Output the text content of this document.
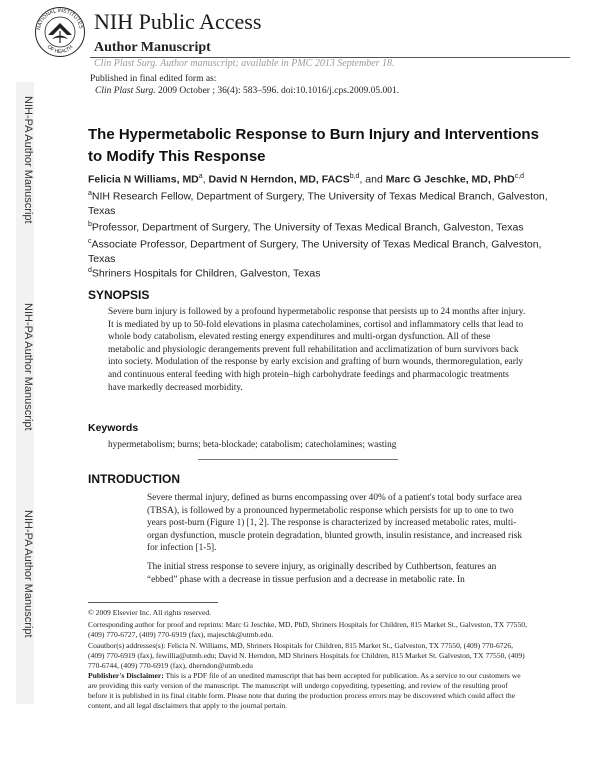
NATIONAL INSTITUTES
OF HEALTH
NIH Public Access
Author Manuscript
Clin Plast Surg. Author manuscript; available in PMC 2013 September 18.
NIH-PA Author Manuscript
NIH-PA Author Manuscript
NIH-PA Author Manuscript
Published in final edited form as:
Clin Plast Surg. 2009 October ; 36(4): 583–596. doi:10.1016/j.cps.2009.05.001.
The Hypermetabolic Response to Burn Injury and Interventions to Modify This Response
Felicia N Williams, $MD^a$, David N Herndon, MD, FACS$^{b,d}$, and Marc G Jeschke, MD, PhD$^{c,d}$
$^a$NIH Research Fellow, Department of Surgery, The University of Texas Medical Branch, Galveston, Texas
$^b$Professor, Department of Surgery, The University of Texas Medical Branch, Galveston, Texas
$^c$Associate Professor, Department of Surgery, The University of Texas Medical Branch, Galveston, Texas
$^d$Shriners Hospitals for Children, Galveston, Texas
SYNOPSIS
Severe burn injury is followed by a profound hypermetabolic response that persists up to 24 months after injury. It is mediated by up to 50-fold elevations in plasma catecholamines, cortisol and inflammatory cells that lead to whole body catabolism, elevated resting energy expenditures and multi-organ dysfunction. All of these metabolic and physiologic derangements prevent full rehabilitation and acclimatization of burn survivors back into society. Modulation of the response by early excision and grafting of burn wounds, thermoregulation, early and continuous enteral feeding with high protein–high carbohydrate feedings and pharmacologic treatments have markedly decreased morbidity.
Keywords
hypermetabolism; burns; beta-blockade; catabolism; catecholamines; wasting
INTRODUCTION
Severe thermal injury, defined as burns encompassing over 40% of a patient's total body surface area (TBSA), is followed by a pronounced hypermetabolic response which persists for up to one to two years post-burn (Figure 1) [1, 2]. The response is characterized by increased metabolic rates, multi-organ dysfunction, muscle protein degradation, blunted growth, insulin resistance, and increased risk for infection [1-5].
The initial stress response to severe injury, as originally described by Cuthbertson, features an “ebbed” phase with a decrease in tissue perfusion and a decrease in metabolic rate. In
© 2009 Elsevier Inc. All rights reserved.
Corresponding author for proof and reprints: Marc G Jeschke, MD, PhD, Shriners Hospitals for Children, 815 Market St., Galveston, TX 77550, (409) 770-6727, (409) 770-6919 (fax), majeschk@utmb.edu.
Coauthor(s) addresses(s): Felicia N. Williams, MD, Shriners Hospitals for Children, 815 Market St., Galveston, TX 77550, (409) 770-6726, (409) 770-6919 (fax), fewillia@utmb.edu; David N. Herndon, MD Shriners Hospitals for Children, 815 Market St. Galveston, TX 77550, (409) 770-6744, (409) 770-6919 (fax), dherndon@utmb.edu
Publisher's Disclaimer: This is a PDF file of an unedited manuscript that has been accepted for publication. As a service to our customers we are providing this early version of the manuscript. The manuscript will undergo copyediting, typesetting, and review of the resulting proof before it is published in its final citable form. Please note that during the production process errors may be discovered which could affect the content, and all legal disclaimers that apply to the journal pertain.
